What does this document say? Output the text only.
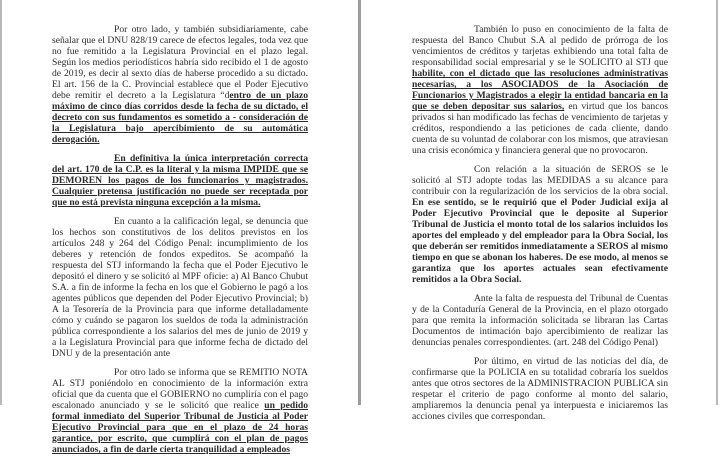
Por otro lado, y también subsidiariamente, cabe señalar que el DNU 828/19 carece de efectos legales, toda vez que no fue remitido a la Legislatura Provincial en el plazo legal. Según los medios periodísticos habría sido recibido el 1 de agosto de 2019, es decir al sexto días de haberse procedido a su dictado. El art. 156 de la C. Provincial establece que el Poder Ejecutivo debe remitir el decreto a la Legislatura “dentro de un plazo máximo de cinco días corridos desde la fecha de su dictado, el decreto con sus fundamentos es sometido a - consideración de la Legislatura bajo apercibimiento de su automática derogación.

En definitiva la única interpretación correcta del art. 170 de la C.P. es la literal y la misma IMPIDE que se DEMOREN los pagos de los funcionarios y magistrados. Cualquier pretensa justificación no puede ser receptada por que no está prevista ninguna excepción a la misma.

En cuanto a la calificación legal, se denuncia que los hechos son constitutivos de los delitos previstos en los artículos 248 y 264 del Código Penal: incumplimiento de los deberes y retención de fondos expeditos. Se acompañó la respuesta del STJ informando la fecha que el Poder Ejecutivo le depositó el dinero y se solicitó al MPF oficie: a) Al Banco Chubut S.A. a fin de informe la fecha en los que el Gobierno le pagó a los agentes públicos que dependen del Poder Ejecutivo Provincial; b) A la Tesorería de la Provincia para que informe detalladamente cómo y cuándo se pagaron los sueldos de toda la administración pública correspondiente a los salarios del mes de junio de 2019 y a la Legislatura Provincial para que informe fecha de dictado del DNU y de la presentación ante

Por otro lado se informa que se REMITIO NOTA AL STJ poniéndolo en conocimiento de la información extra oficial que da cuenta que el GOBIERNO no cumpliría con el pago escalonado anunciado y se le solicitó que realice un pedido formal inmediato del Superior Tribunal de Justicia al Poder Ejecutivo Provincial para que en el plazo de 24 horas garantice, por escrito, que cumplirá con el plan de pagos anunciados, a fin de darle cierta tranquilidad a empleados

También lo puso en conocimiento de la falta de respuesta del Banco Chubut S.A al pedido de prórroga de los vencimientos de créditos y tarjetas exhibiendo una total falta de responsabilidad social empresarial y se le SOLICITO al STJ que habilite, con el dictado que las resoluciones administrativas necesarias, a los ASOCIADOS de la Asociación de Funcionarios y Magistrados a elegir la entidad bancaria en la que se deben depositar sus salarios, en virtud que los bancos privados si han modificado las fechas de vencimiento de tarjetas y créditos, respondiendo a las peticiones de cada cliente, dando cuenta de su voluntad de colaborar con los mismos, que atraviesan una crisis económica y financiera general que no provocaron.

Con relación a la situación de SEROS se le solicitó al STJ adopte todas las MEDIDAS a su alcance para contribuir con la regularización de los servicios de la obra social. En ese sentido, se le requirió que el Poder Judicial exija al Poder Ejecutivo Provincial que le deposite al Superior Tribunal de Justicia el monto total de los salarios incluidos los aportes del empleado y del empleador para la Obra Social, los que deberán ser remitidos inmediatamente a SEROS al mismo tiempo en que se abonan los haberes. De ese modo, al menos se garantiza que los aportes actuales sean efectivamente remitidos a la Obra Social.

Ante la falta de respuesta del Tribunal de Cuentas y de la Contaduría General de la Provincia, en el plazo otorgado para que remita la información solicitada se libraran las Cartas Documentos de intimación bajo apercibimiento de realizar las denuncias penales correspondientes. (art. 248 del Código Penal)

Por último, en virtud de las noticias del día, de confirmarse que la POLICIA en su totalidad cobraría los sueldos antes que otros sectores de la ADMINISTRACION PUBLICA sin respetar el criterio de pago conforme al monto del salario, ampliaremos la denuncia penal ya interpuesta e iniciaremos las acciones civiles que correspondan.
